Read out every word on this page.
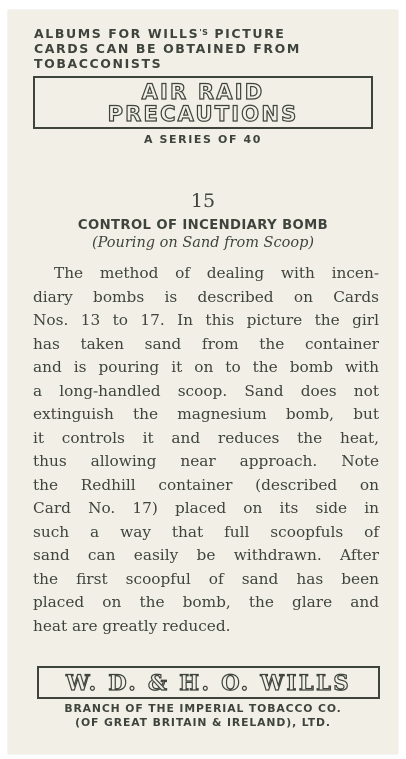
ALBUMS FOR $WILLS^{'S}$ PICTURE
CARDS CAN BE OBTAINED FROM
TOBACCONISTS
AIR RAID
PRECAUTIONS
A SERIES OF 40
15
CONTROL OF INCENDIARY BOMB
(Pouring on Sand from Scoop)
The method of dealing with incen-
diary bombs is described on Cards
Nos. 13 to 17. In this picture the girl
has taken sand from the container
and is pouring it on to the bomb with
a long-handled scoop. Sand does not
extinguish the magnesium bomb, but
it controls it and reduces the heat,
thus allowing near approach. Note
the Redhill container (described on
Card No. 17) placed on its side in
such a way that full scoopfuls of
sand can easily be withdrawn. After
the first scoopful of sand has been
placed on the bomb, the glare and
heat are greatly reduced.
W. D. & H. O. WILLS
BRANCH OF THE IMPERIAL TOBACCO CO.
(OF GREAT BRITAIN & IRELAND), LTD.
